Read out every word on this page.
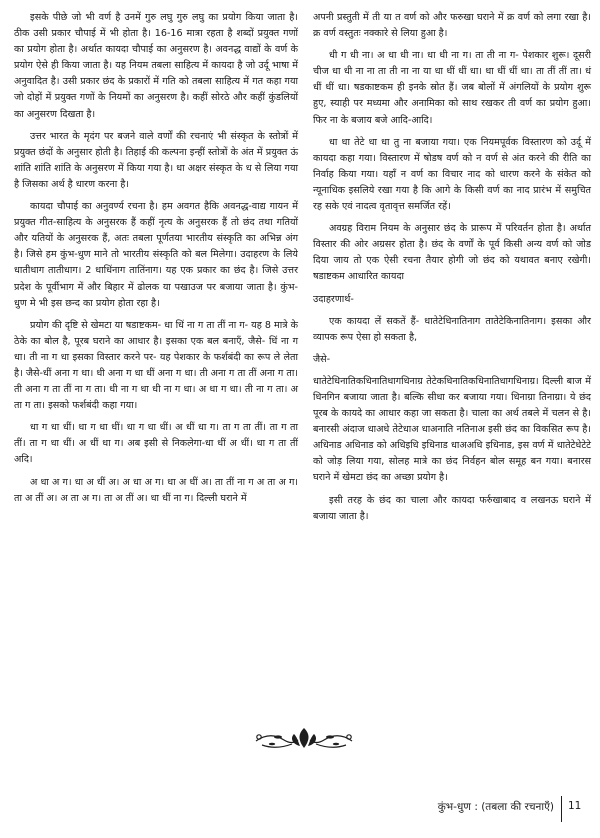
इसके पीछे जो भी वर्ण है उनमें गुरु लघु गुरु लघु का प्रयोग किया जाता है। ठीक उसी प्रकार चौपाई में भी होता है। 16-16 मात्रा रहता है शब्दों प्रयुक्त गणों का प्रयोग होता है। अर्थात कायदा चौपाई का अनुसरण है। अवनद्ध वाद्यों के वर्ण के प्रयोग ऐसे ही किया जाता है। यह नियम तबला साहित्य में कायदा है जो उर्दू भाषा में अनुवादित है। उसी प्रकार छंद के प्रकारों में गति को तबला साहित्य में गत कहा गया जो दोहों में प्रयुक्त गणों के नियमों का अनुसरण है। कहीं सोरठे और कहीं कुंडलियों का अनुसरण दिखता है।

उत्तर भारत के मृदंग पर बजने वाले वर्णों की रचनाएं भी संस्कृत के स्तोत्रों में प्रयुक्त छंदों के अनुसार होती है। तिहाई की कल्पना इन्हीं स्तोत्रों के अंत में प्रयुक्त ऊं शांति शांति शांति के अनुसरण में किया गया है। धा अक्षर संस्कृत के ध से लिया गया है जिसका अर्थ है धारण करना है।

कायदा चौपाई का अनुवर्ण्य रचना है। हम अवगत हैकि अवनद्ध-वाद्य गायन में प्रयुक्त गीत-साहित्य के अनुसरक हैं कहीं नृत्य के अनुसरक हैं तो छंद तथा गतियों और यतियों के अनुसरक हैं, अतः तबला पूर्णतया भारतीय संस्कृति का अभिन्न अंग है। जिसे हम कुंभ-धुण माने तो भारतीय संस्कृति को बल मिलेगा। उदाहरण के लिये धातीधाग तातीधाग। 2 धाधिंनाग तातिंनाग। यह एक प्रकार का छंद है। जिसे उत्तर प्रदेश के पूर्वीभाग में और बिहार में ढोलक या पखाउज पर बजाया जाता है। कुंभ-धुण मे भी इस छन्द का प्रयोग होता रहा है।

प्रयोग की दृष्टि से खेमटा या षडाष्टकम- धा धिं ना ग ता तीं ना ग- यह 8 मात्रे के ठेके का बोल है, पूरब घराने का आधार है। इसका एक बल बनाएँ, जैसे- धिं ना ग धा। ती ना ग धा इसका विस्तार करने पर- यह पेशकार के फर्शबंदी का रूप ले लेता है। जैसे-धीं अना ग धा। धी अना ग धा धीं अना ग धा। ती अना ग ता तीं अना ग ता। ती अना ग ता तीं ना ग ता। धी ना ग धा धी ना ग धा। अ धा ग धा। ती ना ग ता। अ ता ग ता। इसको फर्शबंदी कहा गया।

धा ग धा धीं। धा ग धा धीं। धा ग धा धीं। अ धीं धा ग। ता ग ता तीं। ता ग ता तीं। ता ग धा धीं। अ धीं धा ग। अब इसी से निकलेगा-धा धीं अ धीं। धा ग ता तीं अदि।

अ धा अ ग। धा अ धीं अ। अ धा अ ग। धा अ धीं अ। ता तीं ना ग अ ता अ ग। ता अ तीं अ। अ ता अ ग। ता अ तीं अ। धा धीं ना ग। दिल्ली घराने में

अपनी प्रस्तुती में ती या त वर्ण को और फरुखा घराने में क्र वर्ण को लगा रखा है। क्र वर्ण वस्तुतः नक्कारे से लिया हुआ है।

धी ग धी ना। अ धा धी ना। धा धी ना ग। ता ती ना ग- पेशकार शुरू। दूसरी चीज धा धी ना ना ता ती ना ना या धा धीं धीं धा। धा धीं धीं धा। ता तीं तीं ता। धं धीं धीं धा। षडकाष्टकम ही इनके स्रोत हैं। जब बोलों में अंगलियों के प्रयोग शुरू हुए, स्याही पर मध्यमा और अनामिका को साथ रखकर ती वर्ण का प्रयोग हुआ। फिर ना के बजाय बजे आदि-आदि।

धा धा तेटे धा धा तु ना बजाया गया। एक नियमपूर्वक विस्तारण को उर्दू में कायदा कहा गया। विस्तारण में षोडष वर्ण को न वर्ण से अंत करने की रीति का निर्वाह किया गया। यहाँ न वर्ण का विचार नाद को धारण करने के संकेत को न्यूनाधिक इसलिये रखा गया है कि आगे के किसी वर्ण का नाद प्रारंभ में समुचित रह सके एवं नादत्व वृतावृत्त समर्जित रहें।

अवग्रह विराम नियम के अनुसार छंद के प्रारूप में परिवर्तन होता है। अर्थात विस्तार की ओर अग्रसर होता है। छंद के वर्णों के पूर्व किसी अन्य वर्ण को जोड दिया जाय तो एक ऐसी रचना तैयार होगी जो छंद को यथावत बनाए रखेगी। षडाष्टकम आधारित कायदा

उदाहरणार्थ-

एक कायदा लें सकतें हैं- धातेटेधिनातिनाग तातेटेकिनातिनाग। इसका और व्यापक रूप ऐसा हो सकता है,

जैसे-

धातेटेधिनातिकधिनातिधागधिनाग्र तेटेकधिनातिकधिनातिधागधिनाग्र। दिल्ली बाज में धिनगिन बजाया जाता है। बल्कि सीधा कर बजाया गया। धिनाग्रा तिनाग्रा। ये छंद पूरब के कायदे का आधार कहा जा सकता है। चाला का अर्थ तबले में चलन से है। बनारसी अंदाज धाअधे तेटेधाअ धाअनाति नतिनाअ इसी छंद का विकसित रूप है। अधिनाड अधिनाड को अधिइधि इधिनाड धाअअधि इधिनाड, इस वर्ण में धातेटेधेटेटे को जोड़ लिया गया, सोलह मात्रे का छंद निर्वहन बोल समूह बन गया। बनारस घराने में खेमटा छंद का अच्छा प्रयोग है।

इसी तरह के छंद का चाला और कायदा फर्रुखाबाद व लखनऊ घराने में बजाया जाता है।

कुंभ-धुण : (तबला की रचनाएँ) 11
